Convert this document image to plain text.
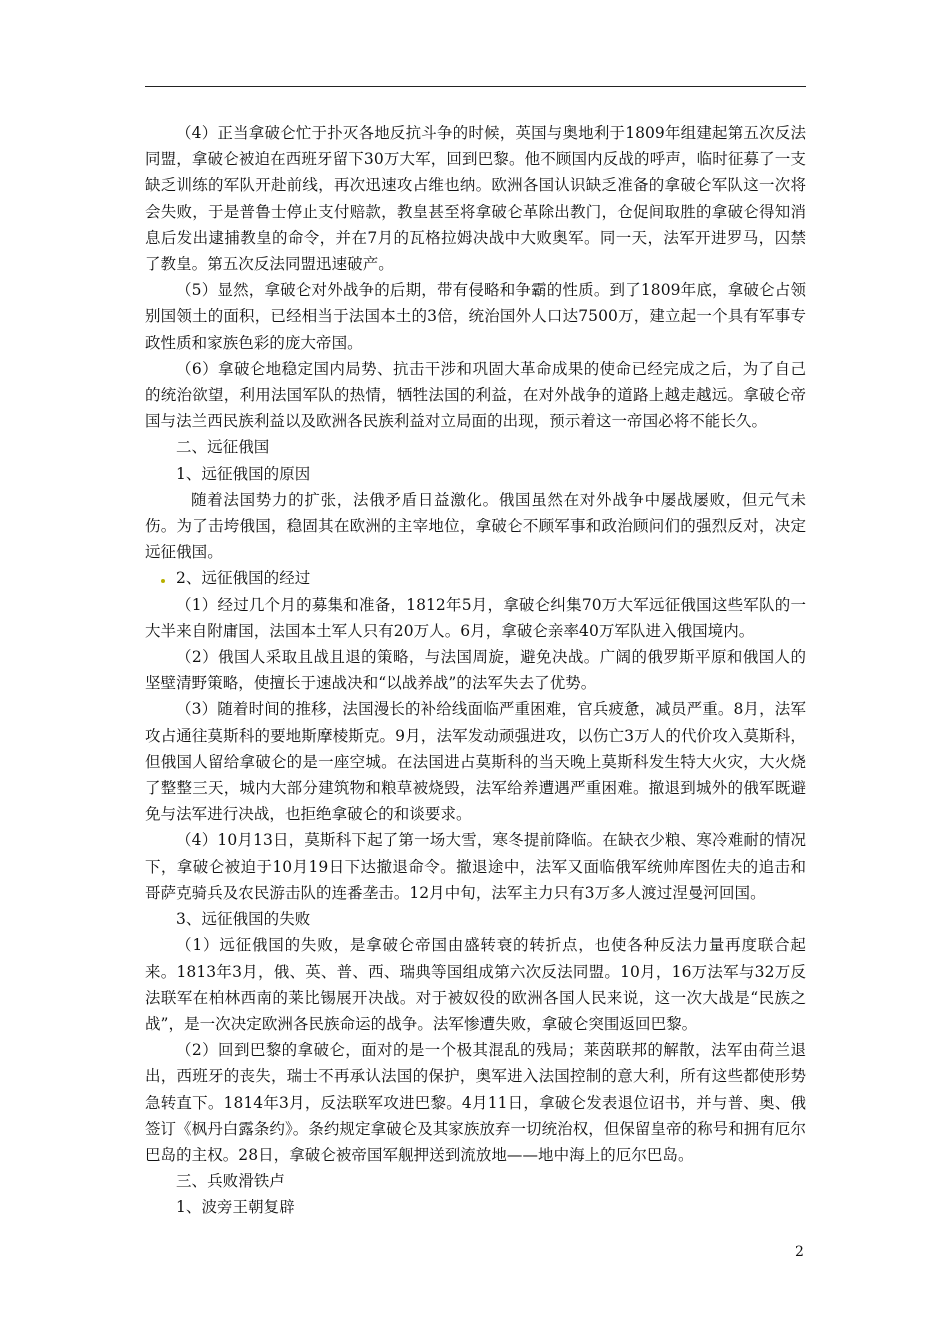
（4）正当拿破仑忙于扑灭各地反抗斗争的时候，英国与奥地利于1809年组建起第五次反法同盟，拿破仑被迫在西班牙留下30万大军，回到巴黎。他不顾国内反战的呼声，临时征募了一支缺乏训练的军队开赴前线，再次迅速攻占维也纳。欧洲各国认识缺乏准备的拿破仑军队这一次将会失败，于是普鲁士停止支付赔款，教皇甚至将拿破仑革除出教门，仓促间取胜的拿破仑得知消息后发出逮捕教皇的命令，并在7月的瓦格拉姆决战中大败奥军。同一天，法军开进罗马，囚禁了教皇。第五次反法同盟迅速破产。

（5）显然，拿破仑对外战争的后期，带有侵略和争霸的性质。到了1809年底，拿破仑占领别国领土的面积，已经相当于法国本土的3倍，统治国外人口达7500万，建立起一个具有军事专政性质和家族色彩的庞大帝国。

（6）拿破仑地稳定国内局势、抗击干涉和巩固大革命成果的使命已经完成之后，为了自己的统治欲望，利用法国军队的热情，牺牲法国的利益，在对外战争的道路上越走越远。拿破仑帝国与法兰西民族利益以及欧洲各民族利益对立局面的出现，预示着这一帝国必将不能长久。

二、远征俄国

1、远征俄国的原因

随着法国势力的扩张，法俄矛盾日益激化。俄国虽然在对外战争中屡战屡败，但元气未伤。为了击垮俄国，稳固其在欧洲的主宰地位，拿破仑不顾军事和政治顾问们的强烈反对，决定远征俄国。

2、远征俄国的经过

（1）经过几个月的募集和准备，1812年5月，拿破仑纠集70万大军远征俄国这些军队的一大半来自附庸国，法国本土军人只有20万人。6月，拿破仑亲率40万军队进入俄国境内。

（2）俄国人采取且战且退的策略，与法国周旋，避免决战。广阔的俄罗斯平原和俄国人的坚壁清野策略，使擅长于速战决和“以战养战”的法军失去了优势。

（3）随着时间的推移，法国漫长的补给线面临严重困难，官兵疲惫，减员严重。8月，法军攻占通往莫斯科的要地斯摩棱斯克。9月，法军发动顽强进攻，以伤亡3万人的代价攻入莫斯科，但俄国人留给拿破仑的是一座空城。在法国进占莫斯科的当天晚上莫斯科发生特大火灾，大火烧了整整三天，城内大部分建筑物和粮草被烧毁，法军给养遭遇严重困难。撤退到城外的俄军既避免与法军进行决战，也拒绝拿破仑的和谈要求。

（4）10月13日，莫斯科下起了第一场大雪，寒冬提前降临。在缺衣少粮、寒冷难耐的情况下，拿破仑被迫于10月19日下达撤退命令。撤退途中，法军又面临俄军统帅库图佐夫的追击和哥萨克骑兵及农民游击队的连番垄击。12月中旬，法军主力只有3万多人渡过涅曼河回国。

3、远征俄国的失败

（1）远征俄国的失败，是拿破仑帝国由盛转衰的转折点，也使各种反法力量再度联合起来。1813年3月，俄、英、普、西、瑞典等国组成第六次反法同盟。10月，16万法军与32万反法联军在柏林西南的莱比锡展开决战。对于被奴役的欧洲各国人民来说，这一次大战是“民族之战”，是一次决定欧洲各民族命运的战争。法军惨遭失败，拿破仑突围返回巴黎。

（2）回到巴黎的拿破仑，面对的是一个极其混乱的残局；莱茵联邦的解散，法军由荷兰退出，西班牙的丧失，瑞士不再承认法国的保护，奥军进入法国控制的意大利，所有这些都使形势急转直下。1814年3月，反法联军攻进巴黎。4月11日，拿破仑发表退位诏书，并与普、奥、俄签订《枫丹白露条约》。条约规定拿破仑及其家族放弃一切统治权，但保留皇帝的称号和拥有厄尔巴岛的主权。28日，拿破仑被帝国军舰押送到流放地——地中海上的厄尔巴岛。

三、兵败滑铁卢

1、波旁王朝复辟

2
